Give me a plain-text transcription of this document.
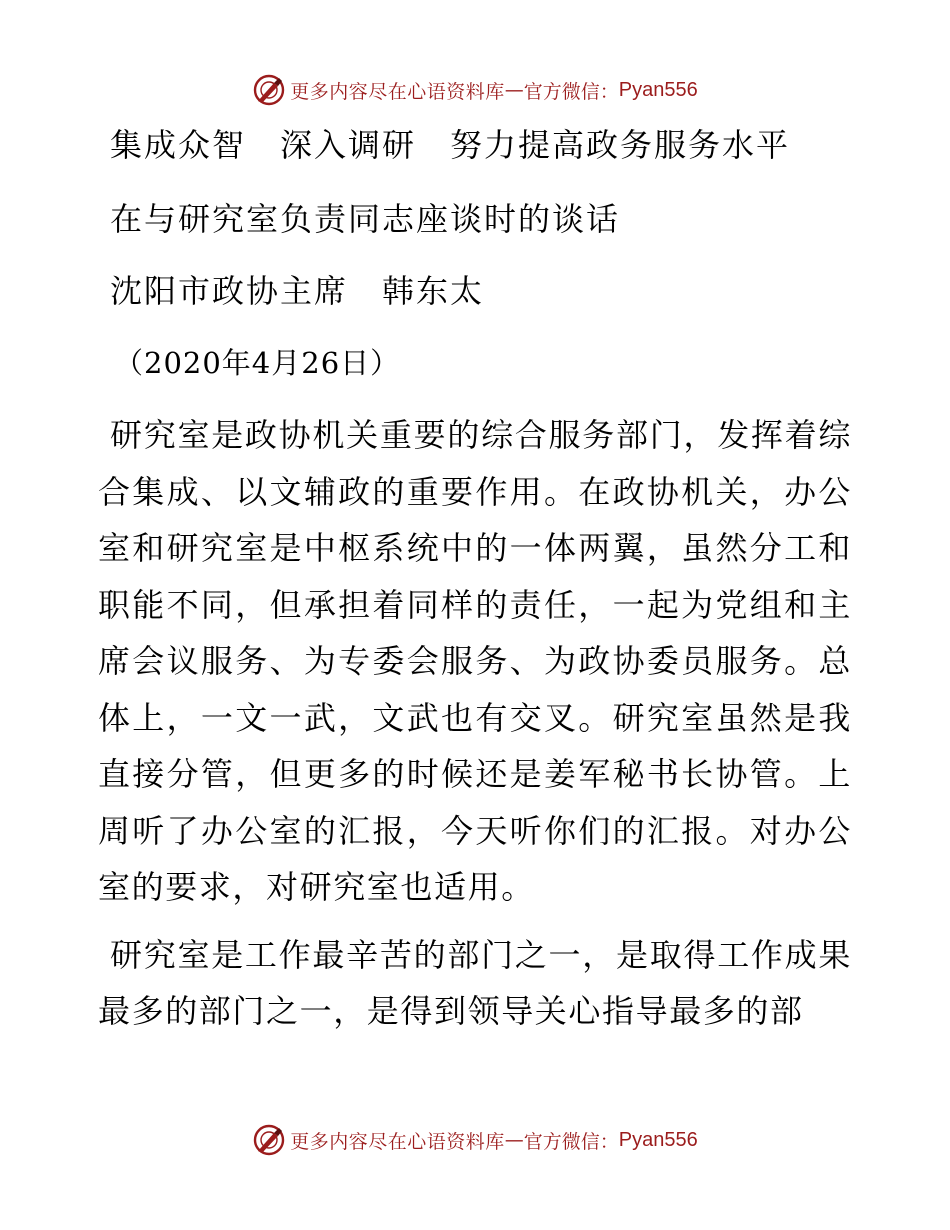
更多内容尽在心语资料库 — 官方微信： Pyan556
集成众智　深入调研　努力提高政务服务水平
在与研究室负责同志座谈时的谈话
沈阳市政协主席　韩东太
（2020年4月26日）

研究室是政协机关重要的综合服务部门，发挥着综合集成、以文辅政的重要作用。在政协机关，办公室和研究室是中枢系统中的一体两翼，虽然分工和职能不同，但承担着同样的责任，一起为党组和主席会议服务、为专委会服务、为政协委员服务。总体上，一文一武，文武也有交叉。研究室虽然是我直接分管，但更多的时候还是姜军秘书长协管。上周听了办公室的汇报，今天听你们的汇报。对办公室的要求，对研究室也适用。

研究室是工作最辛苦的部门之一，是取得工作成果最多的部门之一，是得到领导关心指导最多的部

更多内容尽在心语资料库 — 官方微信： Pyan556
